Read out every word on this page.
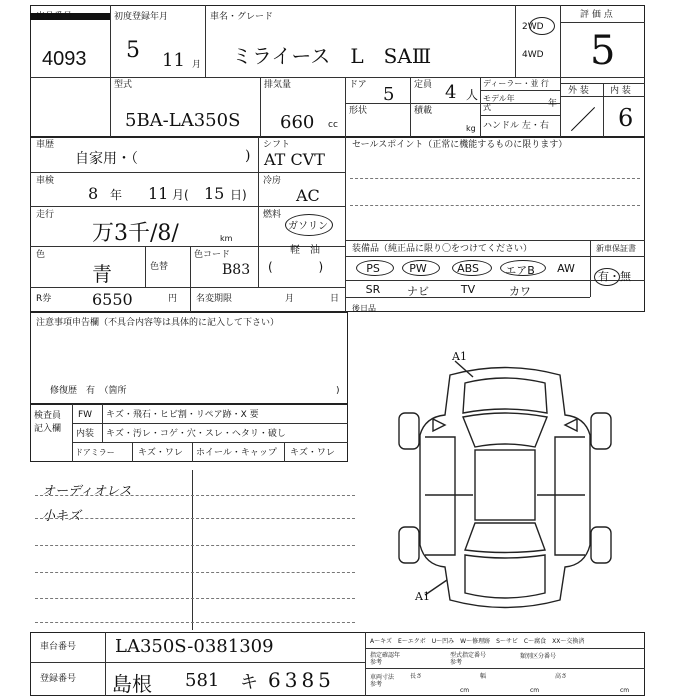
出品番号
4093
初度登録年月
5 11 月
車名・グレード
ミライース　L　SAⅢ
2WD
4WD
評 価 点
5
型式
5BA-LA350S
排気量
660 cc
ドア 5 定員 4 人
形状	積載
kg
ディーラー・並 行
モデル年式	年
ハンドル 左・右
外 装 内 装
／ 6
車歴
自家用・（	)
シフト
AT CVT
セールスポイント（正常に機能するものに限ります）
車検
8 年 11 月( 15 日)
冷房
AC
走行
万3千/8/	km
燃料
ガソリン
軽　油
(            )
色
青	色替
色コード
B83
R券	6550	円 名変期限	月	日
装備品（純正品に限り〇をつけてください）	新車保証書
PS	PW	ABS	エアB	AW
SR	ナビ	TV	カワ
有・無
後日品
注意事項申告欄（不具合内容等は具体的に記入して下さい）
修復歴　有　（箇所	)
検査員
記入欄
FW キズ・飛石・ヒビ割・リペア跡・X 要
内装 キズ・汚レ・コゲ・穴・スレ・ヘタリ・破し
ドアミラー	キズ・ワレ ホイール・キャップ キズ・ワレ
オーディオレス
小キズ
A1
A1
車台番号 LA350S-0381309
登録番号 島根 581 キ 6385
A～キズ　E～エクボ　U～凹み　W～修理跡　S～サビ　C～腐食　XX～交換済
指定確認年
参考
型式指定番号
参考
類別区分番号
車両寸法
参考
長さ	幅	高さ
cm	cm	cm
